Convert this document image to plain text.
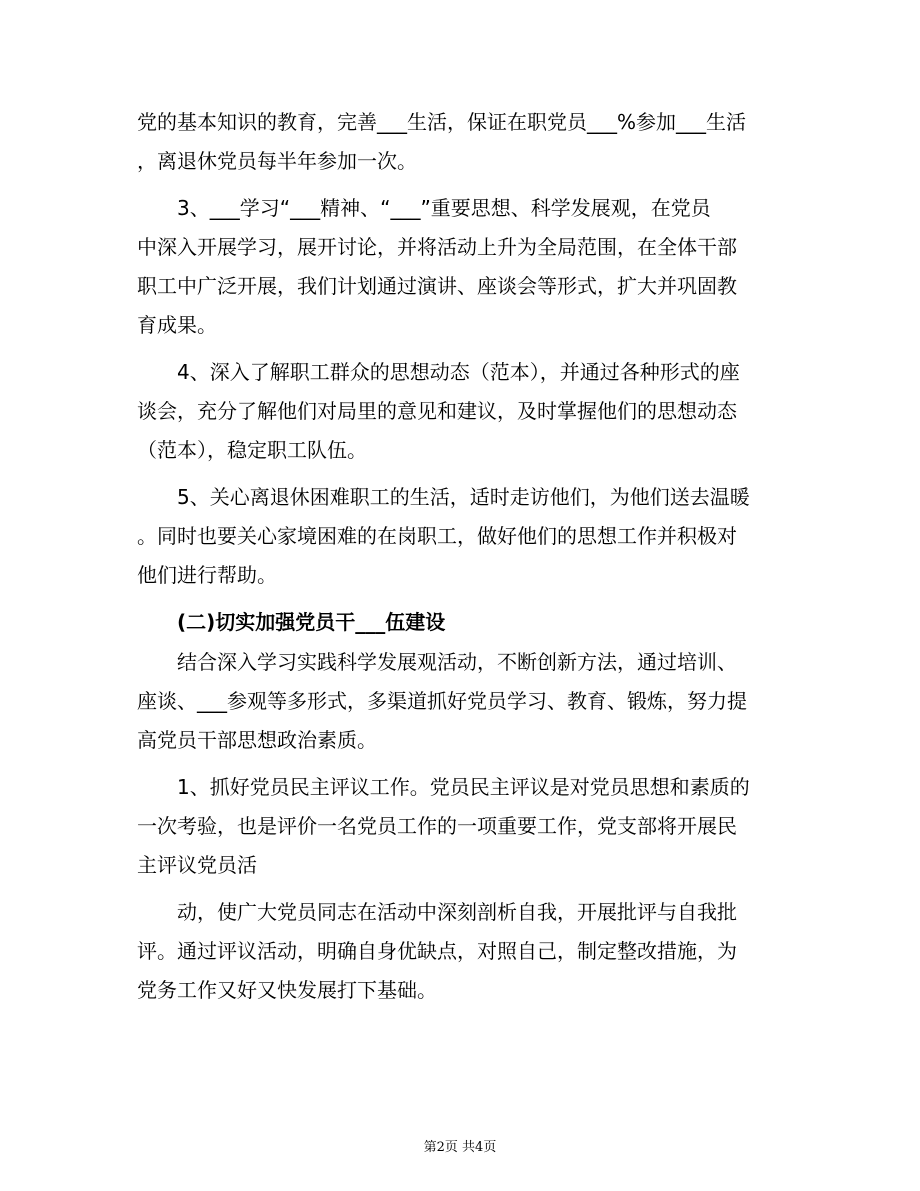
党的基本知识的教育，完善___生活，保证在职党员___%参加___生活

，离退休党员每半年参加一次。

3、___学习“___精神、“___”重要思想、科学发展观，在党员

中深入开展学习，展开讨论，并将活动上升为全局范围，在全体干部

职工中广泛开展，我们计划通过演讲、座谈会等形式，扩大并巩固教

育成果。

4、深入了解职工群众的思想动态（范本），并通过各种形式的座

谈会，充分了解他们对局里的意见和建议，及时掌握他们的思想动态

（范本），稳定职工队伍。

5、关心离退休困难职工的生活，适时走访他们，为他们送去温暖

。同时也要关心家境困难的在岗职工，做好他们的思想工作并积极对

他们进行帮助。

(二)切实加强党员干___伍建设

结合深入学习实践科学发展观活动，不断创新方法，通过培训、

座谈、___参观等多形式，多渠道抓好党员学习、教育、锻炼，努力提

高党员干部思想政治素质。

1、抓好党员民主评议工作。党员民主评议是对党员思想和素质的

一次考验，也是评价一名党员工作的一项重要工作，党支部将开展民

主评议党员活

动，使广大党员同志在活动中深刻剖析自我，开展批评与自我批

评。通过评议活动，明确自身优缺点，对照自己，制定整改措施，为

党务工作又好又快发展打下基础。

第2页 共4页
